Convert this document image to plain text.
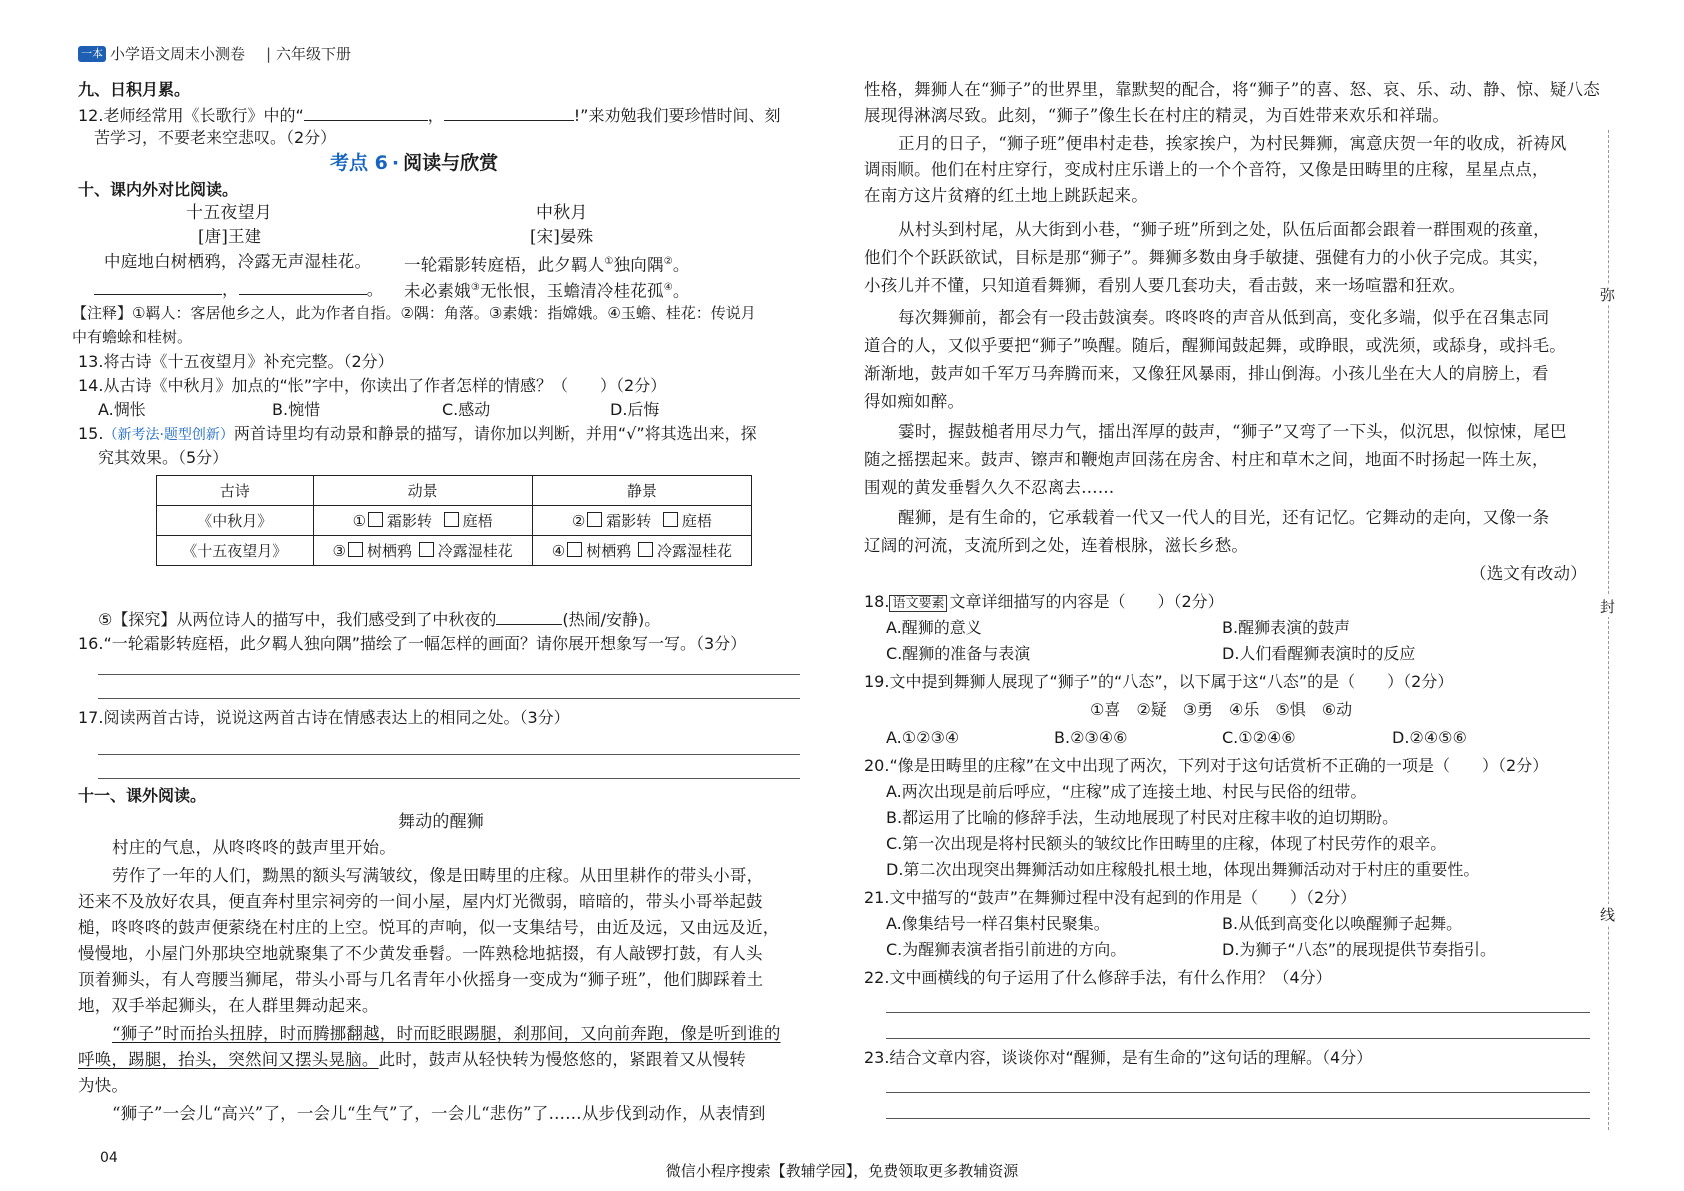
一本 小学语文周末小测卷 | 六年级下册
九、日积月累。
12.老师经常用《长歌行》中的“	，	!”来劝勉我们要珍惜时间、刻
苦学习，不要老来空悲叹。（2分）
考点 6 · 阅读与欣赏
十、课内外对比阅读。
十五夜望月
[唐]王建
中庭地白树栖鸦，冷露无声湿桂花。
，	。
中秋月
[宋]晏殊
一轮霜影转庭梧，此夕羁人①独向隅②。
未必素娥③无怅恨，玉蟾清冷桂花孤④。
【注释】①羁人：客居他乡之人，此为作者自指。②隅：角落。③素娥：指嫦娥。④玉蟾、桂花：传说月
中有蟾蜍和桂树。
13.将古诗《十五夜望月》补充完整。（2分）
14.从古诗《中秋月》加点的“怅”字中，你读出了作者怎样的情感？（　　）（2分）
A.惆怅	B.惋惜	C.感动	D.后悔
15.（新考法·题型创新）两首诗里均有动景和静景的描写，请你加以判断，并用“√”将其选出来，探
究其效果。（5分）
古诗	动景	静景
《中秋月》	① 霜影转 庭梧	② 霜影转 庭梧
《十五夜望月》	③ 树栖鸦 冷露湿桂花	④ 树栖鸦 冷露湿桂花
⑤【探究】从两位诗人的描写中，我们感受到了中秋夜的	(热闹/安静)。
16.“一轮霜影转庭梧，此夕羁人独向隅”描绘了一幅怎样的画面？请你展开想象写一写。（3分）
17.阅读两首古诗，说说这两首古诗在情感表达上的相同之处。（3分）
十一、课外阅读。
舞动的醒狮
村庄的气息，从咚咚咚的鼓声里开始。
劳作了一年的人们，黝黑的额头写满皱纹，像是田畴里的庄稼。从田里耕作的带头小哥，
还来不及放好农具，便直奔村里宗祠旁的一间小屋，屋内灯光微弱，暗暗的，带头小哥举起鼓
槌，咚咚咚的鼓声便萦绕在村庄的上空。悦耳的声响，似一支集结号，由近及远，又由远及近，
慢慢地，小屋门外那块空地就聚集了不少黄发垂髫。一阵熟稔地掂掇，有人敲锣打鼓，有人头
顶着狮头，有人弯腰当狮尾，带头小哥与几名青年小伙摇身一变成为“狮子班”，他们脚踩着土
地，双手举起狮头，在人群里舞动起来。
“狮子”时而抬头扭脖，时而腾挪翻越，时而眨眼踢腿，刹那间，又向前奔跑，像是听到谁的
呼唤，踢腿，抬头，突然间又摆头晃脑。此时，鼓声从轻快转为慢悠悠的，紧跟着又从慢转
为快。
“狮子”一会儿“高兴”了，一会儿“生气”了，一会儿“悲伤”了……从步伐到动作，从表情到
04
性格，舞狮人在“狮子”的世界里，靠默契的配合，将“狮子”的喜、怒、哀、乐、动、静、惊、疑八态
展现得淋漓尽致。此刻，“狮子”像生长在村庄的精灵，为百姓带来欢乐和祥瑞。
正月的日子，“狮子班”便串村走巷，挨家挨户，为村民舞狮，寓意庆贺一年的收成，祈祷风
调雨顺。他们在村庄穿行，变成村庄乐谱上的一个个音符，又像是田畴里的庄稼，星星点点，
在南方这片贫瘠的红土地上跳跃起来。
从村头到村尾，从大街到小巷，“狮子班”所到之处，队伍后面都会跟着一群围观的孩童，
他们个个跃跃欲试，目标是那“狮子”。舞狮多数由身手敏捷、强健有力的小伙子完成。其实，
小孩儿并不懂，只知道看舞狮，看别人要几套功夫，看击鼓，来一场喧嚣和狂欢。
每次舞狮前，都会有一段击鼓演奏。咚咚咚的声音从低到高，变化多端，似乎在召集志同
道合的人，又似乎要把“狮子”唤醒。随后，醒狮闻鼓起舞，或睁眼，或洗须，或舔身，或抖毛。
渐渐地，鼓声如千军万马奔腾而来，又像狂风暴雨，排山倒海。小孩儿坐在大人的肩膀上，看
得如痴如醉。
霎时，握鼓槌者用尽力气，擂出浑厚的鼓声，“狮子”又弯了一下头，似沉思，似惊悚，尾巴
随之摇摆起来。鼓声、镲声和鞭炮声回荡在房舍、村庄和草木之间，地面不时扬起一阵土灰，
围观的黄发垂髫久久不忍离去……
醒狮，是有生命的，它承载着一代又一代人的目光，还有记忆。它舞动的走向，又像一条
辽阔的河流，支流所到之处，连着根脉，滋长乡愁。
（选文有改动）
18. 语文要素 文章详细描写的内容是（　　）（2分）
A.醒狮的意义	B.醒狮表演的鼓声
C.醒狮的准备与表演	D.人们看醒狮表演时的反应
19.文中提到舞狮人展现了“狮子”的“八态”，以下属于这“八态”的是（　　）（2分）
①喜　②疑　③勇　④乐　⑤惧　⑥动
A.①②③④	B.②③④⑥	C.①②④⑥	D.②④⑤⑥
20.“像是田畴里的庄稼”在文中出现了两次，下列对于这句话赏析不正确的一项是（　　）（2分）
A.两次出现是前后呼应，“庄稼”成了连接土地、村民与民俗的纽带。
B.都运用了比喻的修辞手法，生动地展现了村民对庄稼丰收的迫切期盼。
C.第一次出现是将村民额头的皱纹比作田畴里的庄稼，体现了村民劳作的艰辛。
D.第二次出现突出舞狮活动如庄稼般扎根土地，体现出舞狮活动对于村庄的重要性。
21.文中描写的“鼓声”在舞狮过程中没有起到的作用是（　　）（2分）
A.像集结号一样召集村民聚集。	B.从低到高变化以唤醒狮子起舞。
C.为醒狮表演者指引前进的方向。	D.为狮子“八态”的展现提供节奏指引。
22.文中画横线的句子运用了什么修辞手法，有什么作用？（4分）
23.结合文章内容，谈谈你对“醒狮，是有生命的”这句话的理解。（4分）
弥
封
线
微信小程序搜索【教辅学园】，免费领取更多教辅资源
